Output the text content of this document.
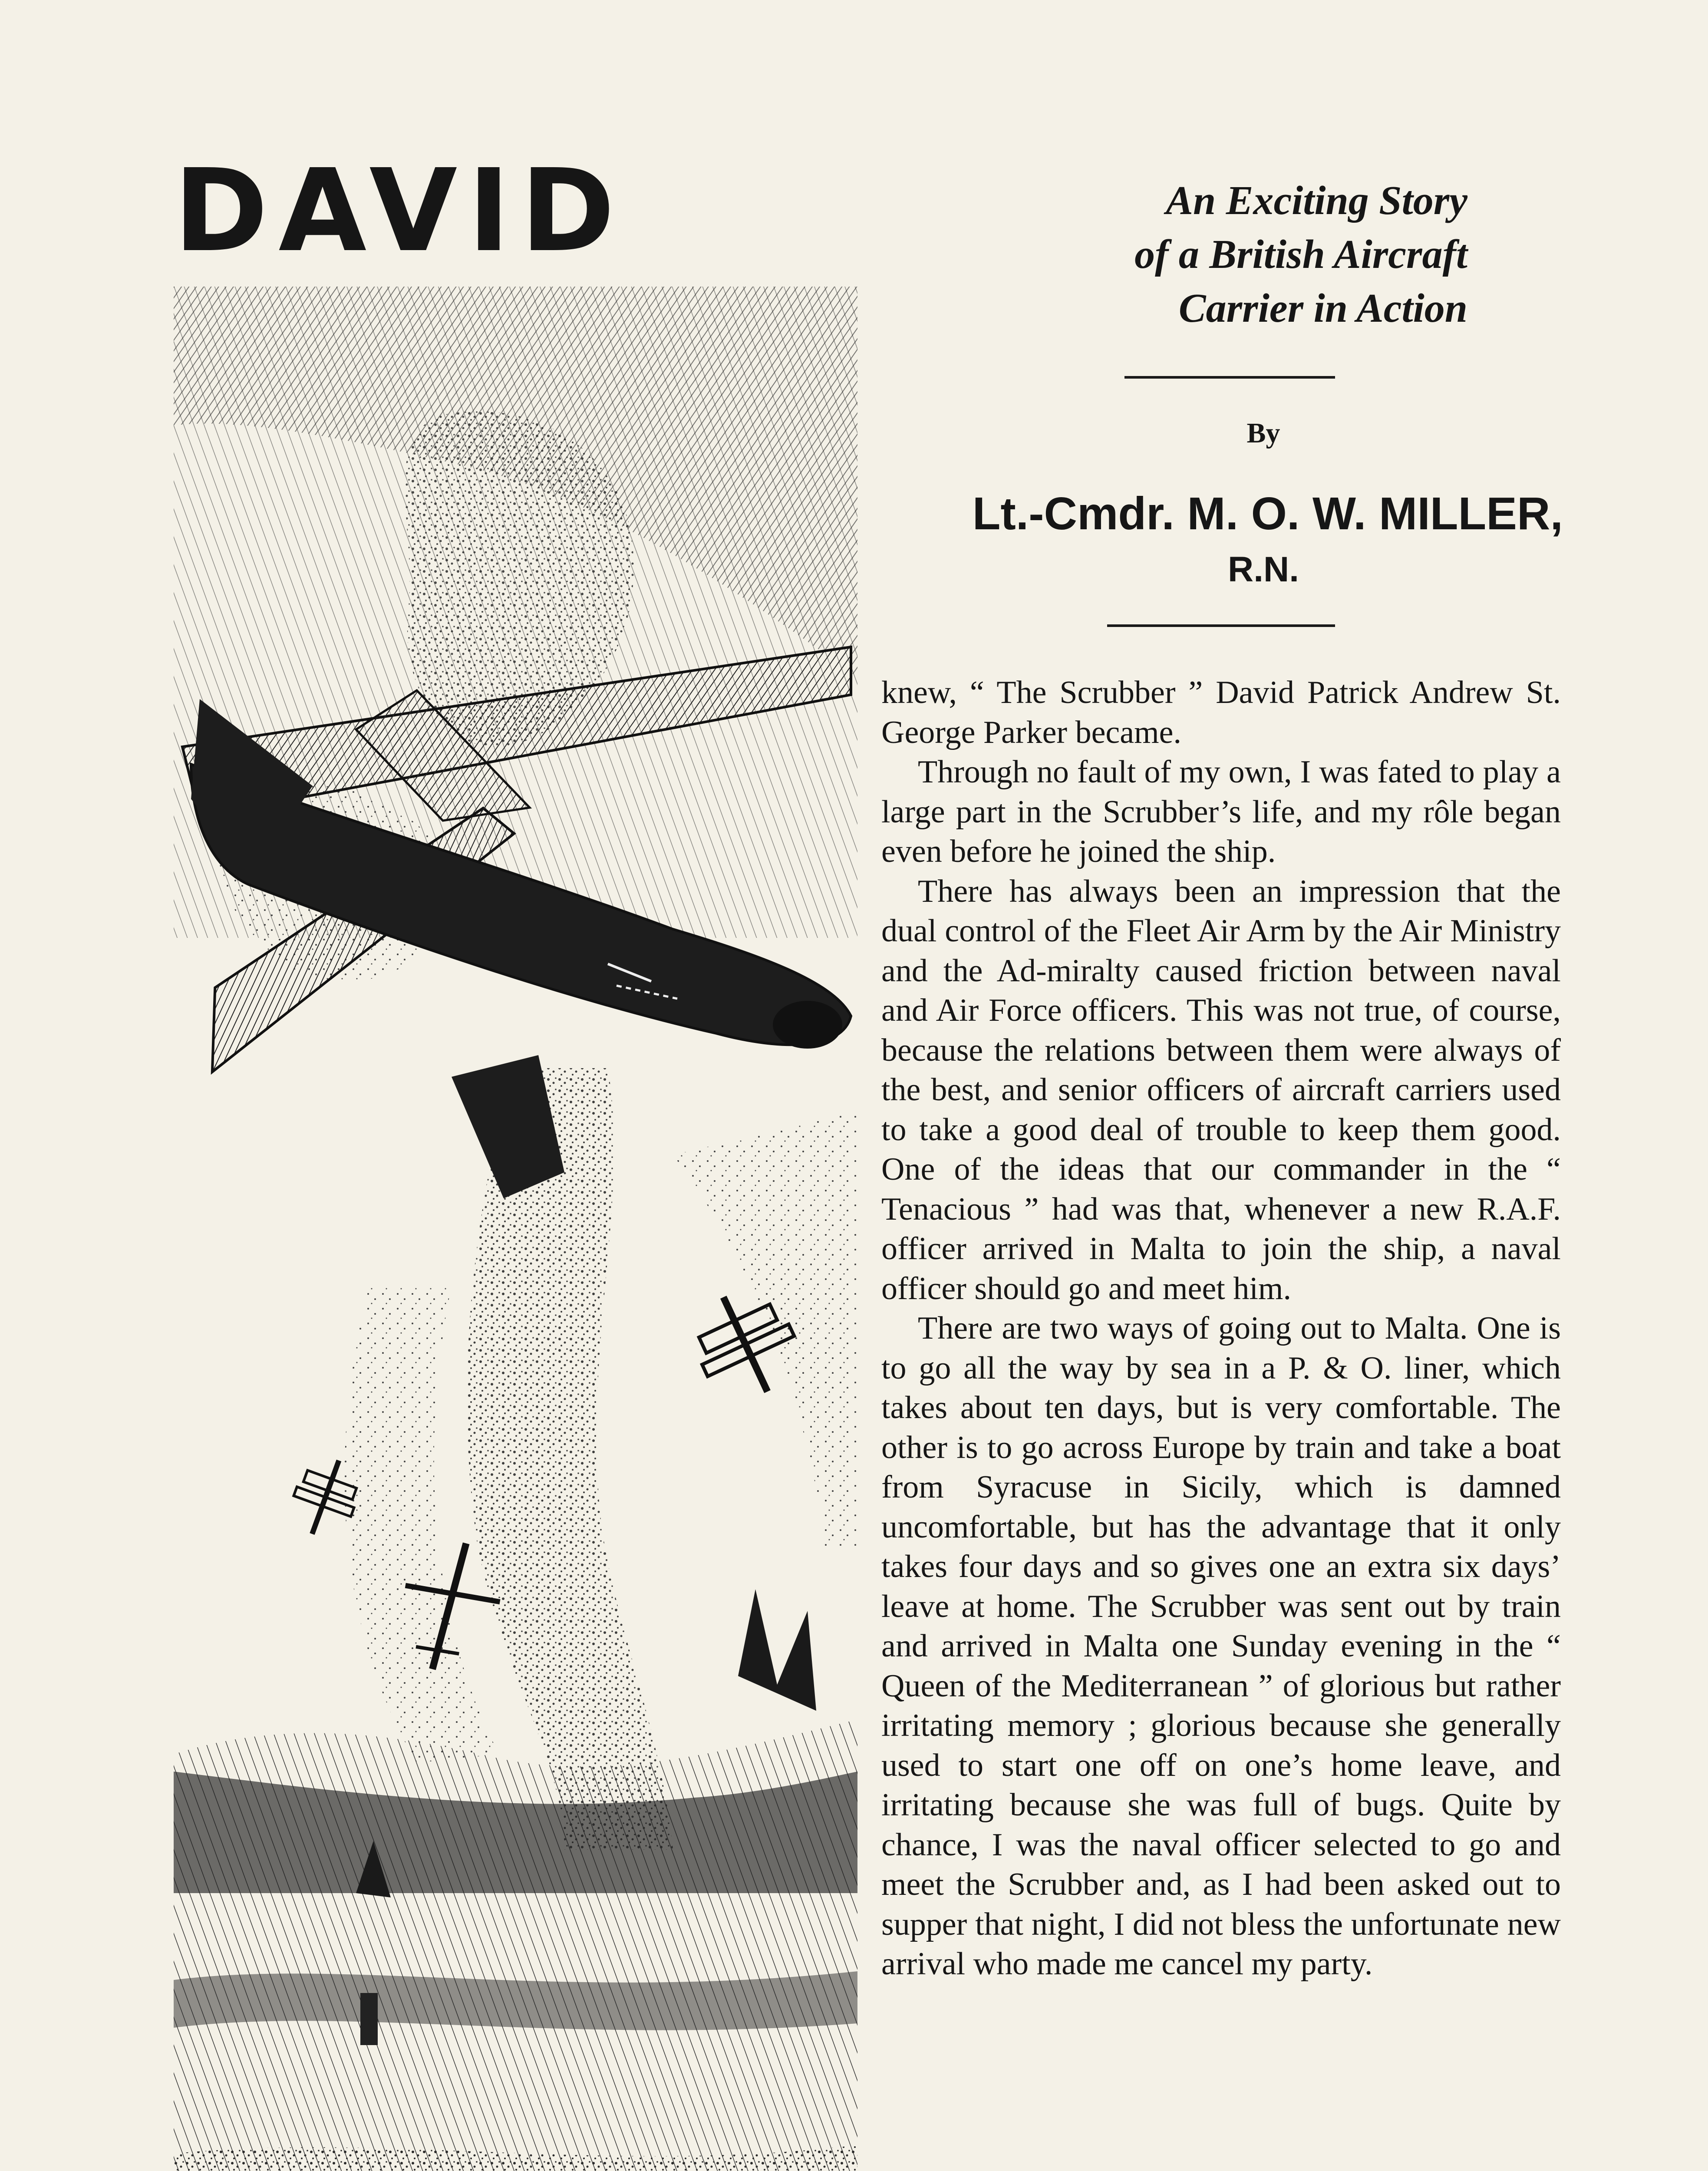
DAVID	An Exciting Story
of a British Aircraft
Carrier in Action
By
Lt.-Cmdr. M. O. W. MILLER,
R.N.

knew, “ The Scrubber ” David Patrick Andrew St. George Parker became.

Through no fault of my own, I was fated to play a large part in the Scrubber’s life, and my rôle began even before he joined the ship.

There has always been an impression that the dual control of the Fleet Air Arm by the Air Ministry and the Ad-miralty caused friction between naval and Air Force officers. This was not true, of course, because the relations between them were always of the best, and senior officers of aircraft carriers used to take a good deal of trouble to keep them good. One of the ideas that our commander in the “ Tenacious ” had was that, whenever a new R.A.F. officer arrived in Malta to join the ship, a naval officer should go and meet him.

There are two ways of going out to Malta. One is to go all the way by sea in a P. & O. liner, which takes about ten days, but is very comfortable. The other is to go across Europe by train and take a boat from Syracuse in Sicily, which is damned uncomfortable, but has the advantage that it only takes four days and so gives one an extra six days’ leave at home. The Scrubber was sent out by train and arrived in Malta one Sunday evening in the “ Queen of the Mediterranean ” of glorious but rather irritating memory ; glorious because she generally used to start one off on one’s home leave, and irritating because she was full of bugs. Quite by chance, I was the naval officer selected to go and meet the Scrubber and, as I had been asked out to supper that night, I did not bless the unfortunate new arrival who made me cancel my party.
